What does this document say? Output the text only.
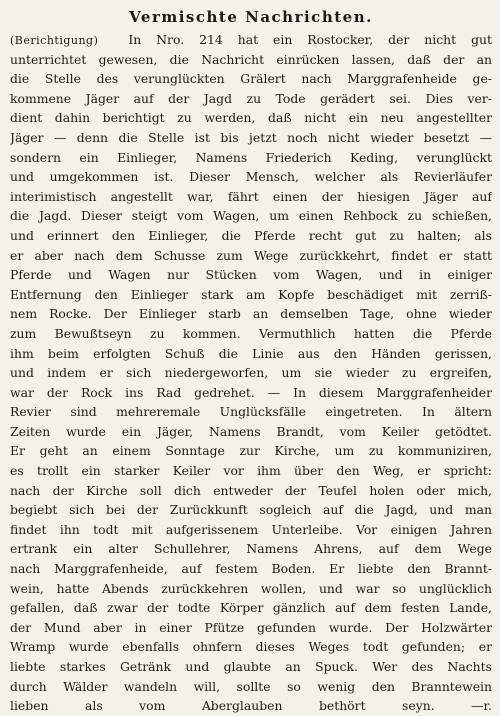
Vermischte Nachrichten.
(Berichtigung) In Nro. 214 hat ein Rostocker, der nicht gut
unterrichtet gewesen, die Nachricht einrücken lassen, daß der an
die Stelle des verunglückten Grälert nach Marggrafenheide ge-
kommene Jäger auf der Jagd zu Tode gerädert sei. Dies ver-
dient dahin berichtigt zu werden, daß nicht ein neu angestellter
Jäger — denn die Stelle ist bis jetzt noch nicht wieder besetzt —
sondern ein Einlieger, Namens Friederich Keding, verunglückt
und umgekommen ist. Dieser Mensch, welcher als Revierläufer
interimistisch angestellt war, fährt einen der hiesigen Jäger auf
die Jagd. Dieser steigt vom Wagen, um einen Rehbock zu schießen,
und erinnert den Einlieger, die Pferde recht gut zu halten; als
er aber nach dem Schusse zum Wege zurückkehrt, findet er statt
Pferde und Wagen nur Stücken vom Wagen, und in einiger
Entfernung den Einlieger stark am Kopfe beschädiget mit zerriß-
nem Rocke. Der Einlieger starb an demselben Tage, ohne wieder
zum Bewußtseyn zu kommen. Vermuthlich hatten die Pferde
ihm beim erfolgten Schuß die Linie aus den Händen gerissen,
und indem er sich niedergeworfen, um sie wieder zu ergreifen,
war der Rock ins Rad gedrehet. — In diesem Marggrafenheider
Revier sind mehreremale Unglücksfälle eingetreten. In ältern
Zeiten wurde ein Jäger, Namens Brandt, vom Keiler getödtet.
Er geht an einem Sonntage zur Kirche, um zu kommuniziren,
es trollt ein starker Keiler vor ihm über den Weg, er spricht:
nach der Kirche soll dich entweder der Teufel holen oder mich,
begiebt sich bei der Zurückkunft sogleich auf die Jagd, und man
findet ihn todt mit aufgerissenem Unterleibe. Vor einigen Jahren
ertrank ein alter Schullehrer, Namens Ahrens, auf dem Wege
nach Marggrafenheide, auf festem Boden. Er liebte den Brannt-
wein, hatte Abends zurückkehren wollen, und war so unglücklich
gefallen, daß zwar der todte Körper gänzlich auf dem festen Lande,
der Mund aber in einer Pfütze gefunden wurde. Der Holzwärter
Wramp wurde ebenfalls ohnfern dieses Weges todt gefunden; er
liebte starkes Getränk und glaubte an Spuck. Wer des Nachts
durch Wälder wandeln will, sollte so wenig den Branntewein
lieben als vom Aberglauben bethört seyn. —r.
